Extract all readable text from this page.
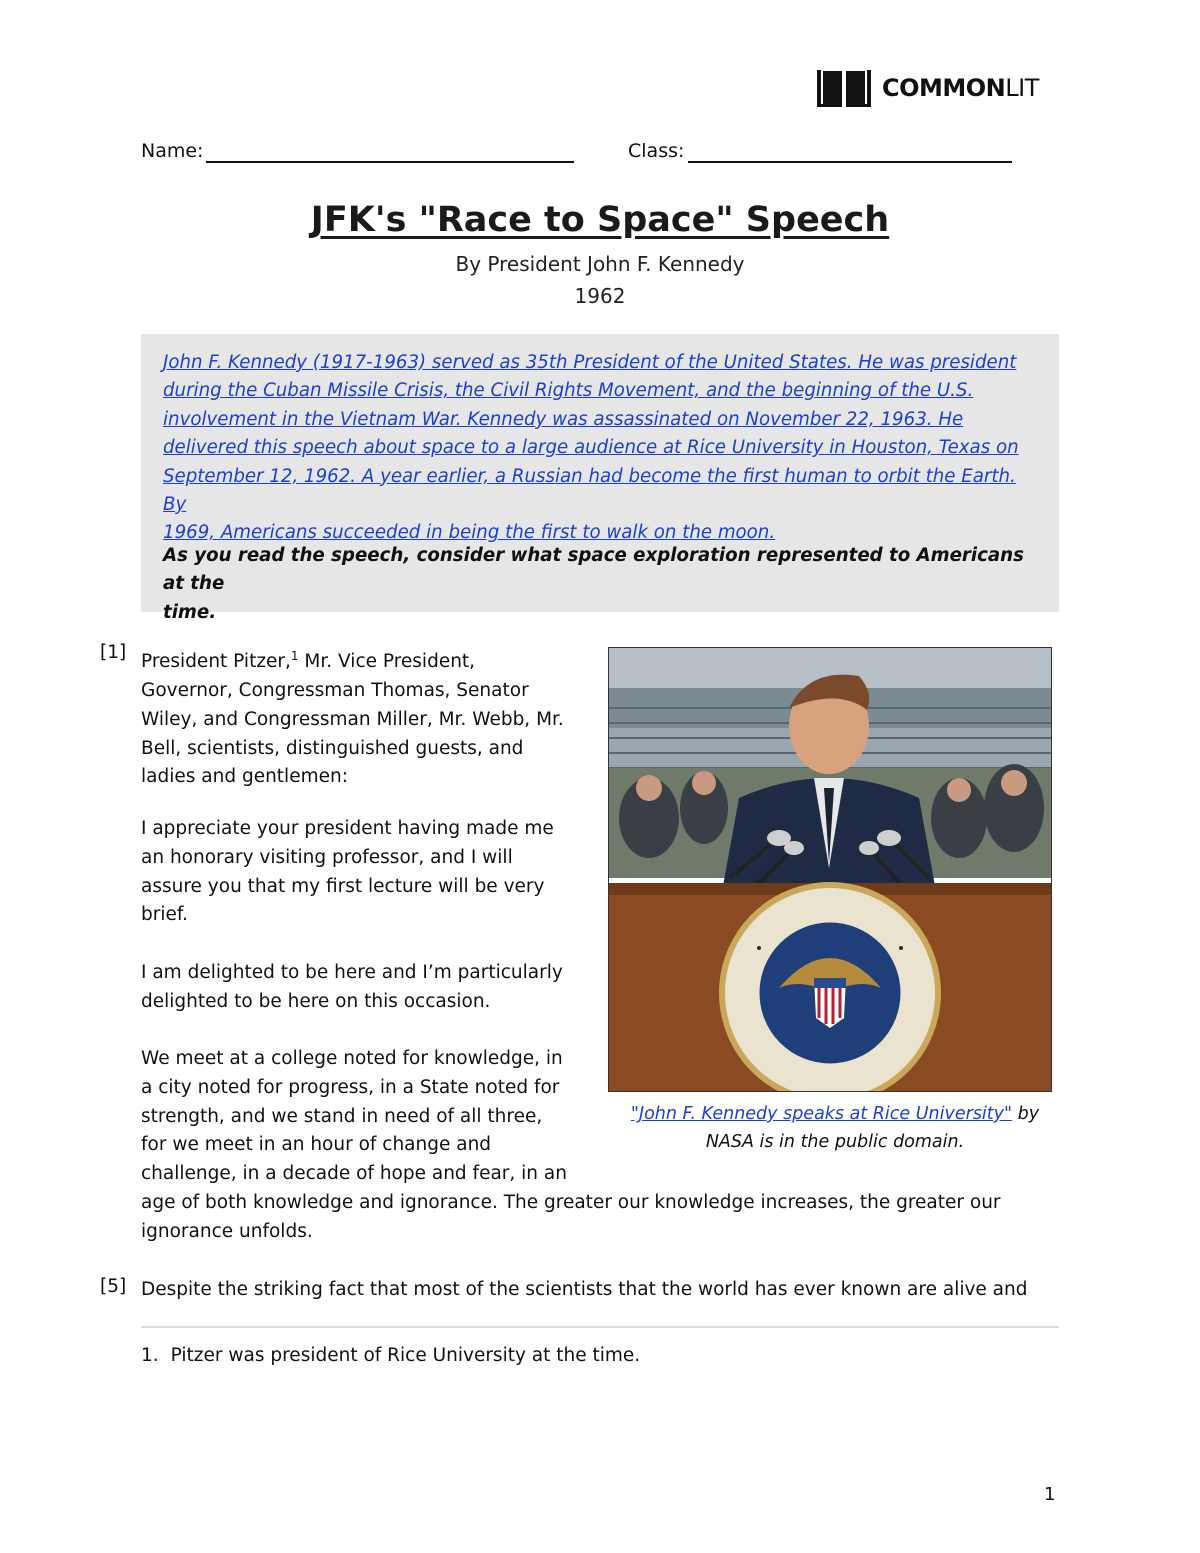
COMMONLIT
Name:	Class:
JFK's "Race to Space" Speech
By President John F. Kennedy
1962
John F. Kennedy (1917-1963) served as 35th President of the United States. He was president
during the Cuban Missile Crisis, the Civil Rights Movement, and the beginning of the U.S.
involvement in the Vietnam War. Kennedy was assassinated on November 22, 1963. He
delivered this speech about space to a large audience at Rice University in Houston, Texas on
September 12, 1962. A year earlier, a Russian had become the first human to orbit the Earth. By
1969, Americans succeeded in being the first to walk on the moon.
As you read the speech, consider what space exploration represented to Americans at the
time.
[1] President Pitzer,$^1$ Mr. Vice President,
Governor, Congressman Thomas, Senator
Wiley, and Congressman Miller, Mr. Webb, Mr.
Bell, scientists, distinguished guests, and
ladies and gentlemen:
I appreciate your president having made me
an honorary visiting professor, and I will
assure you that my first lecture will be very
brief.
I am delighted to be here and I’m particularly
delighted to be here on this occasion.
We meet at a college noted for knowledge, in
a city noted for progress, in a State noted for
strength, and we stand in need of all three,
for we meet in an hour of change and
challenge, in a decade of hope and fear, in an
age of both knowledge and ignorance. The greater our knowledge increases, the greater our
ignorance unfolds.
[5] Despite the striking fact that most of the scientists that the world has ever known are alive and
"John F. Kennedy speaks at Rice University" by
NASA is in the public domain.
1. Pitzer was president of Rice University at the time.
1
